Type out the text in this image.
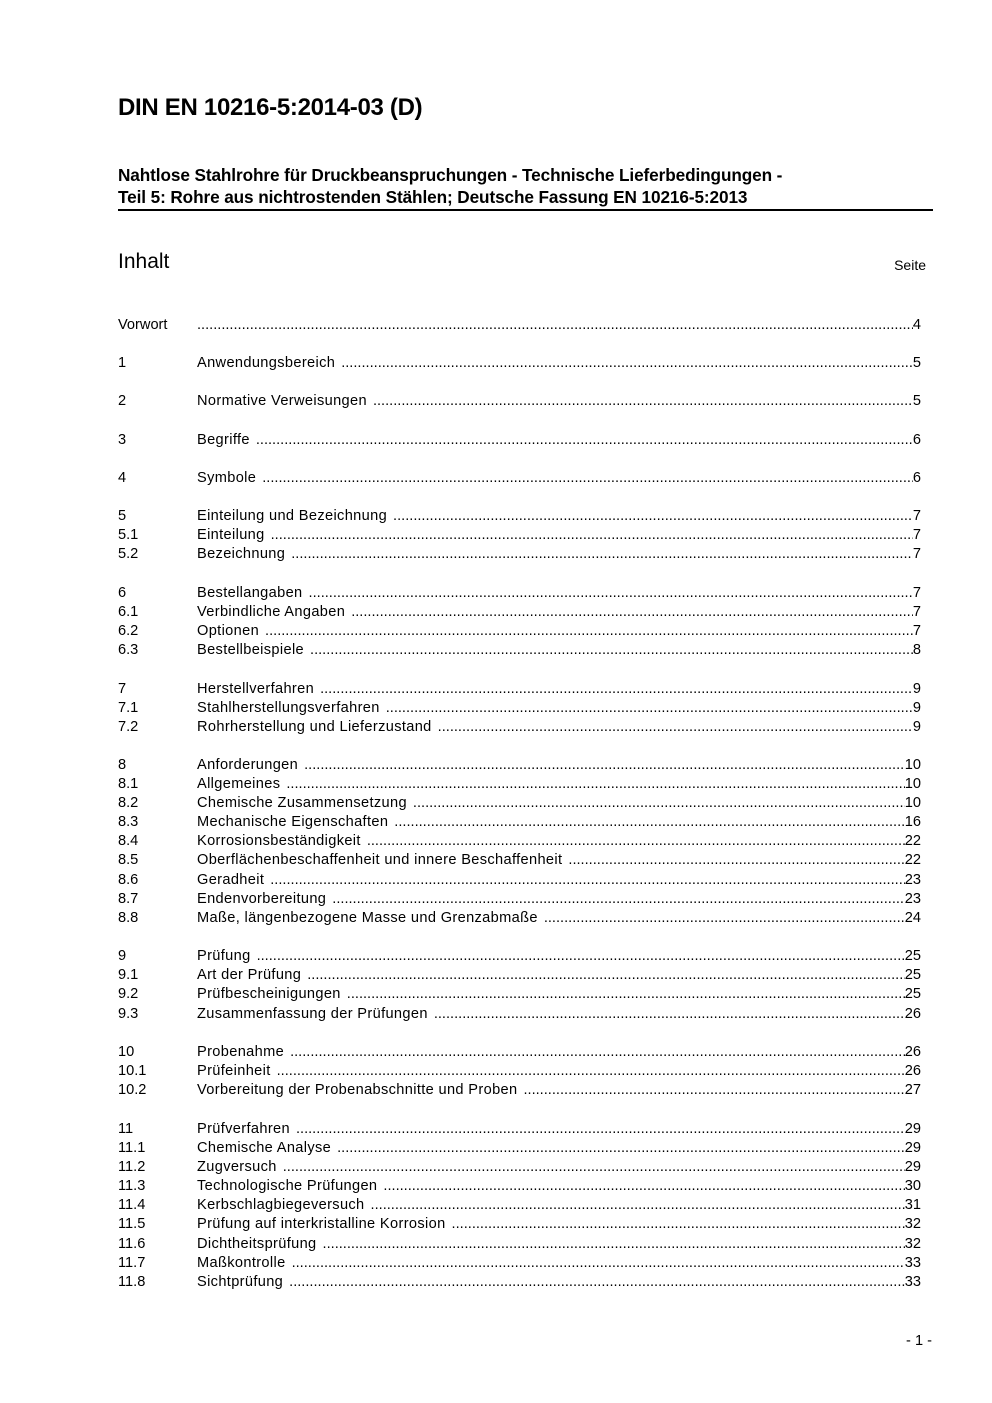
DIN EN 10216-5:2014-03 (D)
Nahtlose Stahlrohre für Druckbeanspruchungen - Technische Lieferbedingungen -
Teil 5: Rohre aus nichtrostenden Stählen; Deutsche Fassung EN 10216-5:2013
Inhalt	Seite
Vorwort .....	4
1	Anwendungsbereich .....	5
2	Normative Verweisungen .....	5
3	Begriffe .....	6
4	Symbole .....	6
5	Einteilung und Bezeichnung .....	7
5.1	Einteilung .....	7
5.2	Bezeichnung .....	7
6	Bestellangaben .....	7
6.1	Verbindliche Angaben .....	7
6.2	Optionen .....	7
6.3	Bestellbeispiele .....	8
7	Herstellverfahren .....	9
7.1	Stahlherstellungsverfahren .....	9
7.2	Rohrherstellung und Lieferzustand .....	9
8	Anforderungen .....	10
8.1	Allgemeines .....	10
8.2	Chemische Zusammensetzung .....	10
8.3	Mechanische Eigenschaften .....	16
8.4	Korrosionsbeständigkeit .....	22
8.5	Oberflächenbeschaffenheit und innere Beschaffenheit .....	22
8.6	Geradheit .....	23
8.7	Endenvorbereitung .....	23
8.8	Maße, längenbezogene Masse und Grenzabmaße .....	24
9	Prüfung .....	25
9.1	Art der Prüfung .....	25
9.2	Prüfbescheinigungen .....	25
9.3	Zusammenfassung der Prüfungen .....	26
10	Probenahme .....	26
10.1	Prüfeinheit .....	26
10.2	Vorbereitung der Probenabschnitte und Proben .....	27
11	Prüfverfahren .....	29
11.1	Chemische Analyse .....	29
11.2	Zugversuch .....	29
11.3	Technologische Prüfungen .....	30
11.4	Kerbschlagbiegeversuch .....	31
11.5	Prüfung auf interkristalline Korrosion .....	32
11.6	Dichtheitsprüfung .....	32
11.7	Maßkontrolle .....	33
11.8	Sichtprüfung .....	33
- 1 -
